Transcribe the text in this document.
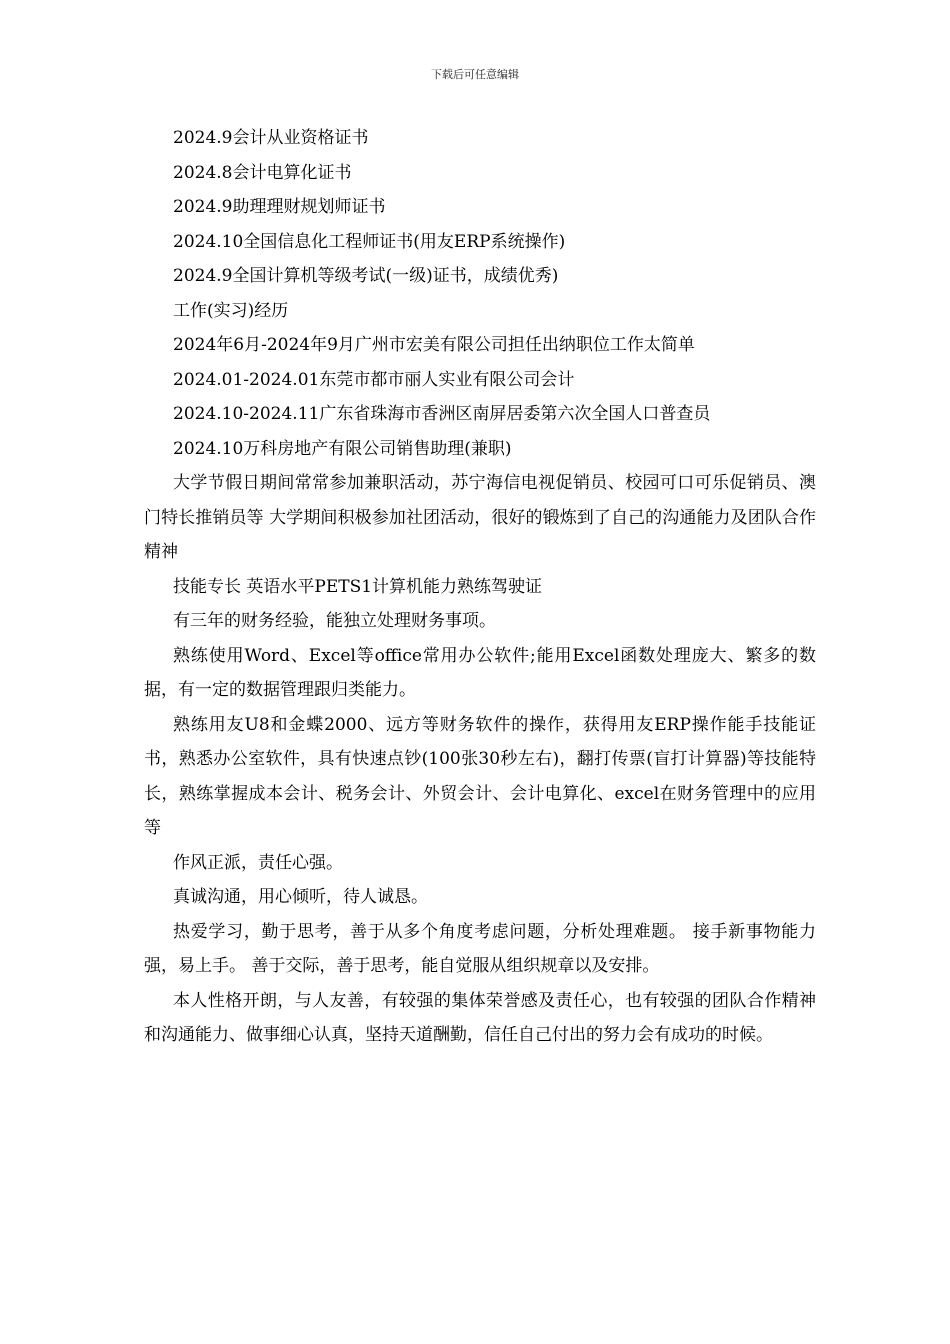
下载后可任意编辑

2024.9会计从业资格证书

2024.8会计电算化证书

2024.9助理理财规划师证书

2024.10全国信息化工程师证书(用友ERP系统操作)

2024.9全国计算机等级考试(一级)证书，成绩优秀)

工作(实习)经历

2024年6月-2024年9月广州市宏美有限公司担任出纳职位工作太简单

2024.01-2024.01东莞市都市丽人实业有限公司会计

2024.10-2024.11广东省珠海市香洲区南屏居委第六次全国人口普查员

2024.10万科房地产有限公司销售助理(兼职)

大学节假日期间常常参加兼职活动，苏宁海信电视促销员、校园可口可乐促销员、澳门特长推销员等 大学期间积极参加社团活动，很好的锻炼到了自己的沟通能力及团队合作精神

技能专长 英语水平PETS1计算机能力熟练驾驶证

有三年的财务经验，能独立处理财务事项。

熟练使用Word、Excel等office常用办公软件;能用Excel函数处理庞大、繁多的数据，有一定的数据管理跟归类能力。

熟练用友U8和金蝶2000、远方等财务软件的操作，获得用友ERP操作能手技能证书，熟悉办公室软件，具有快速点钞(100张30秒左右)，翻打传票(盲打计算器)等技能特长，熟练掌握成本会计、税务会计、外贸会计、会计电算化、excel在财务管理中的应用等

作风正派，责任心强。

真诚沟通，用心倾听，待人诚恳。

热爱学习，勤于思考，善于从多个角度考虑问题，分析处理难题。 接手新事物能力强，易上手。 善于交际，善于思考，能自觉服从组织规章以及安排。

本人性格开朗，与人友善，有较强的集体荣誉感及责任心，也有较强的团队合作精神和沟通能力、做事细心认真，坚持天道酬勤，信任自己付出的努力会有成功的时候。
